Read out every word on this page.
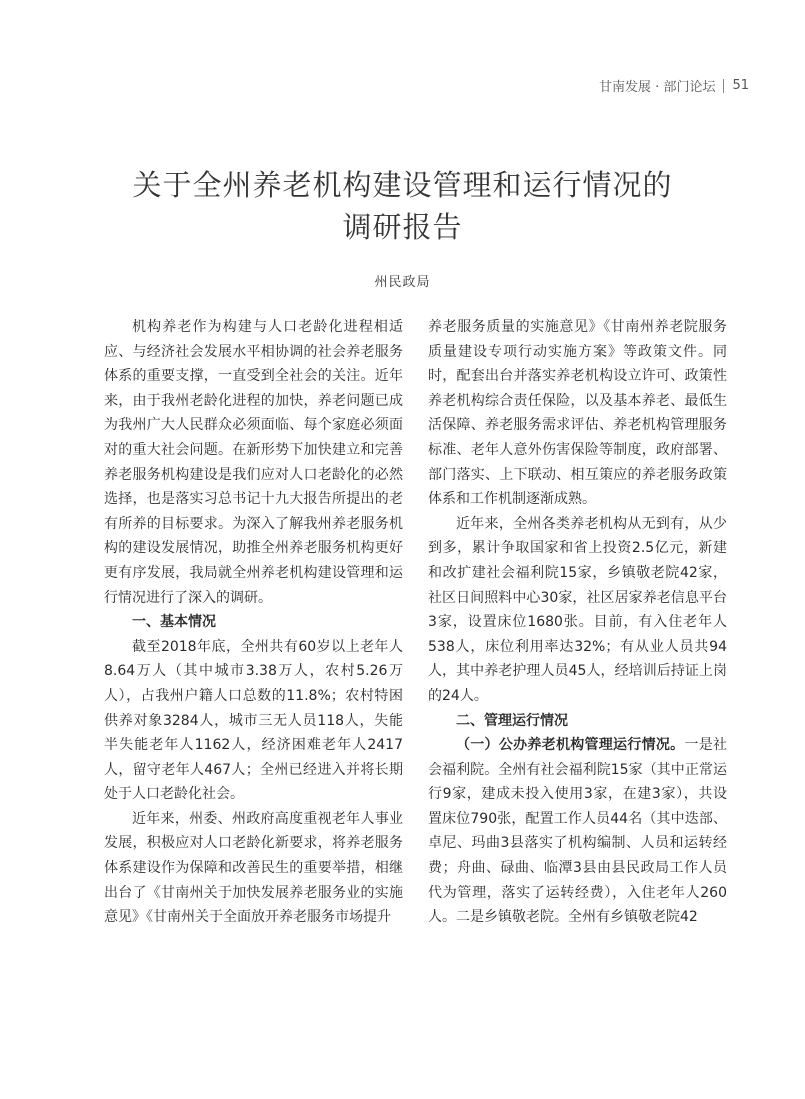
甘南发展 · 部门论坛 51
关于全州养老机构建设管理和运行情况的
调研报告
州民政局

机构养老作为构建与人口老龄化进程相适应、与经济社会发展水平相协调的社会养老服务体系的重要支撑，一直受到全社会的关注。近年来，由于我州老龄化进程的加快，养老问题已成为我州广大人民群众必须面临、每个家庭必须面对的重大社会问题。在新形势下加快建立和完善养老服务机构建设是我们应对人口老龄化的必然选择，也是落实习总书记十九大报告所提出的老有所养的目标要求。为深入了解我州养老服务机构的建设发展情况，助推全州养老服务机构更好更有序发展，我局就全州养老机构建设管理和运行情况进行了深入的调研。

一、基本情况

截至2018年底，全州共有60岁以上老年人8.64万人（其中城市3.38万人，农村5.26万人），占我州户籍人口总数的11.8%；农村特困供养对象3284人，城市三无人员118人，失能半失能老年人1162人，经济困难老年人2417人，留守老年人467人；全州已经进入并将长期处于人口老龄化社会。

近年来，州委、州政府高度重视老年人事业发展，积极应对人口老龄化新要求，将养老服务体系建设作为保障和改善民生的重要举措，相继出台了《甘南州关于加快发展养老服务业的实施意见》《甘南州关于全面放开养老服务市场提升

养老服务质量的实施意见》《甘南州养老院服务质量建设专项行动实施方案》等政策文件。同时，配套出台并落实养老机构设立许可、政策性养老机构综合责任保险，以及基本养老、最低生活保障、养老服务需求评估、养老机构管理服务标准、老年人意外伤害保险等制度，政府部署、部门落实、上下联动、相互策应的养老服务政策体系和工作机制逐渐成熟。

近年来，全州各类养老机构从无到有，从少到多，累计争取国家和省上投资2.5亿元，新建和改扩建社会福利院15家，乡镇敬老院42家，社区日间照料中心30家，社区居家养老信息平台3家，设置床位1680张。目前，有入住老年人538人，床位利用率达32%；有从业人员共94人，其中养老护理人员45人，经培训后持证上岗的24人。

二、管理运行情况

（一）公办养老机构管理运行情况。一是社会福利院。全州有社会福利院15家（其中正常运行9家，建成未投入使用3家，在建3家），共设置床位790张，配置工作人员44名（其中迭部、卓尼、玛曲3县落实了机构编制、人员和运转经费；舟曲、碌曲、临潭3县由县民政局工作人员代为管理，落实了运转经费），入住老年人260人。二是乡镇敬老院。全州有乡镇敬老院42
